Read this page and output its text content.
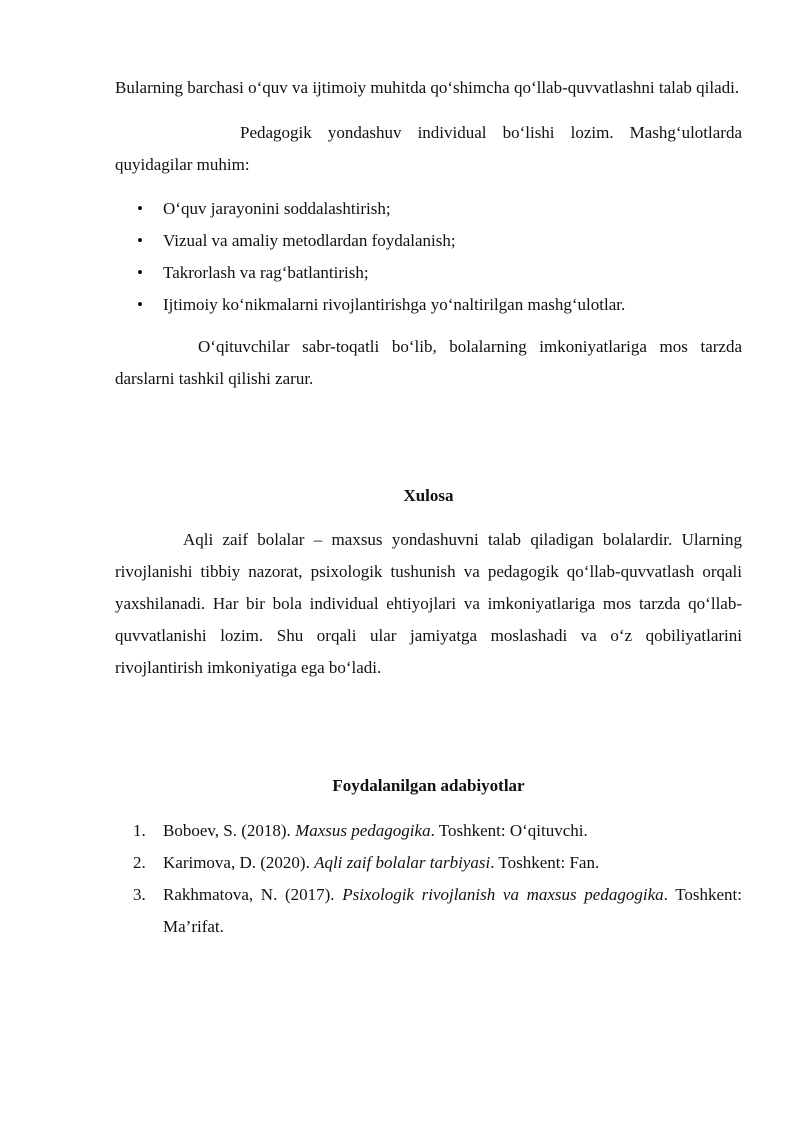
Bularning barchasi o‘quv va ijtimoiy muhitda qo‘shimcha qo‘llab-quvvatlashni talab qiladi.

Pedagogik yondashuv individual bo‘lishi lozim. Mashg‘ulotlarda quyidagilar muhim:

• O‘quv jarayonini soddalashtirish;
• Vizual va amaliy metodlardan foydalanish;
• Takrorlash va rag‘batlantirish;
• Ijtimoiy ko‘nikmalarni rivojlantirishga yo‘naltirilgan mashg‘ulotlar.

O‘qituvchilar sabr-toqatli bo‘lib, bolalarning imkoniyatlariga mos tarzda darslarni tashkil qilishi zarur.

Xulosa

Aqli zaif bolalar – maxsus yondashuvni talab qiladigan bolalardir. Ularning rivojlanishi tibbiy nazorat, psixologik tushunish va pedagogik qo‘llab-quvvatlash orqali yaxshilanadi. Har bir bola individual ehtiyojlari va imkoniyatlariga mos tarzda qo‘llab-quvvatlanishi lozim. Shu orqali ular jamiyatga moslashadi va o‘z qobiliyatlarini rivojlantirish imkoniyatiga ega bo‘ladi.

Foydalanilgan adabiyotlar
1. Boboev, S. (2018). Maxsus pedagogika. Toshkent: O‘qituvchi.
2. Karimova, D. (2020). Aqli zaif bolalar tarbiyasi. Toshkent: Fan.
3. Rakhmatova, N. (2017). Psixologik rivojlanish va maxsus pedagogika. Toshkent: Ma’rifat.
